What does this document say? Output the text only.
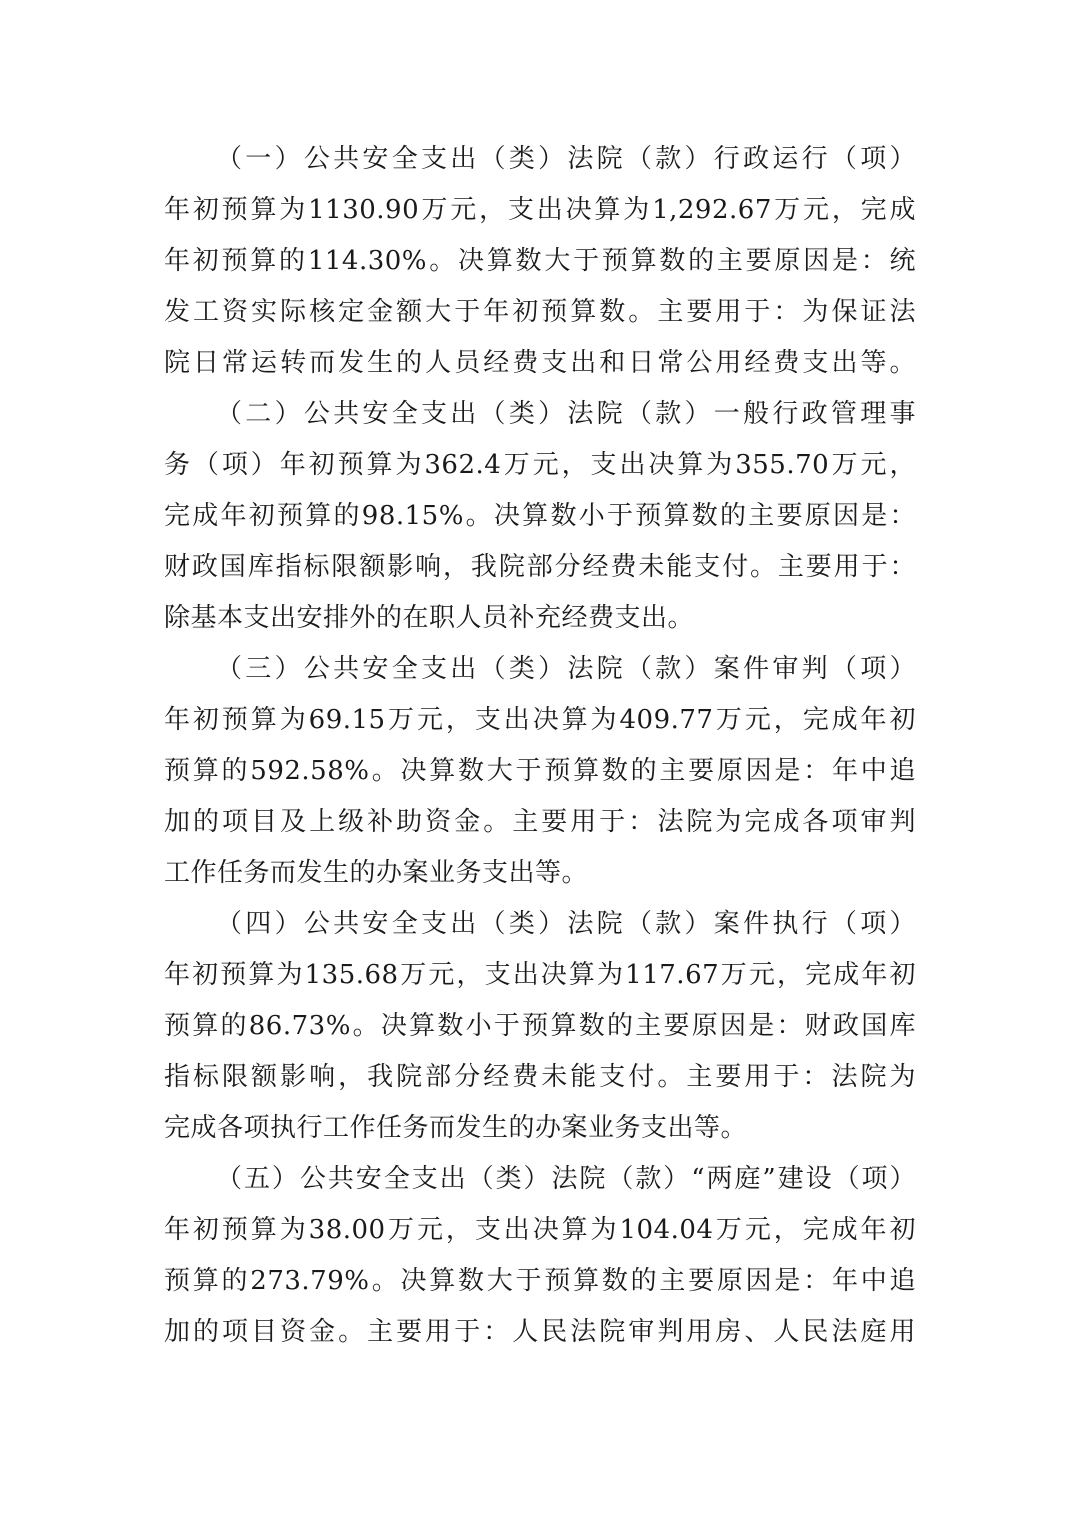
（一）公共安全支出（类）法院（款）行政运行（项）
年初预算为1130.90万元，支出决算为1,292.67万元，完成
年初预算的114.30%。决算数大于预算数的主要原因是：统
发工资实际核定金额大于年初预算数。主要用于：为保证法
院日常运转而发生的人员经费支出和日常公用经费支出等。
（二）公共安全支出（类）法院（款）一般行政管理事
务（项）年初预算为362.4万元，支出决算为355.70万元，
完成年初预算的98.15%。决算数小于预算数的主要原因是：
财政国库指标限额影响，我院部分经费未能支付。主要用于：
除基本支出安排外的在职人员补充经费支出。
（三）公共安全支出（类）法院（款）案件审判（项）
年初预算为69.15万元，支出决算为409.77万元，完成年初
预算的592.58%。决算数大于预算数的主要原因是：年中追
加的项目及上级补助资金。主要用于：法院为完成各项审判
工作任务而发生的办案业务支出等。
（四）公共安全支出（类）法院（款）案件执行（项）
年初预算为135.68万元，支出决算为117.67万元，完成年初
预算的86.73%。决算数小于预算数的主要原因是：财政国库
指标限额影响，我院部分经费未能支付。主要用于：法院为
完成各项执行工作任务而发生的办案业务支出等。
（五）公共安全支出（类）法院（款）“两庭”建设（项）
年初预算为38.00万元，支出决算为104.04万元，完成年初
预算的273.79%。决算数大于预算数的主要原因是：年中追
加的项目资金。主要用于：人民法院审判用房、人民法庭用
